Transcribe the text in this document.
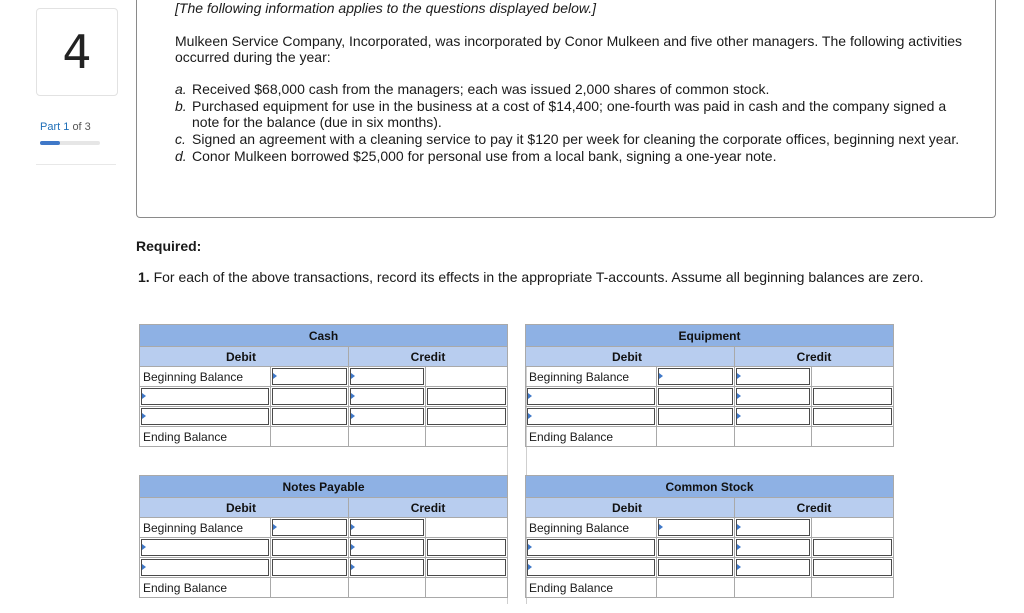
4
Part 1 of 3

[The following information applies to the questions displayed below.]

Mulkeen Service Company, Incorporated, was incorporated by Conor Mulkeen and five other managers. The following activities occurred during the year:

a. Received $68,000 cash from the managers; each was issued 2,000 shares of common stock.
b. Purchased equipment for use in the business at a cost of $14,400; one-fourth was paid in cash and the company signed a note for the balance (due in six months).
c. Signed an agreement with a cleaning service to pay it $120 per week for cleaning the corporate offices, beginning next year.
d. Conor Mulkeen borrowed $25,000 for personal use from a local bank, signing a one-year note.

Required:

1. For each of the above transactions, record its effects in the appropriate T-accounts. Assume all beginning balances are zero.

Cash			
Debit		Credit	
Beginning Balance	

Ending Balance			
Equipment			
Debit		Credit	
Beginning Balance	

Ending Balance			
Notes Payable			
Debit		Credit	
Beginning Balance	

Ending Balance			
Common Stock			
Debit		Credit	
Beginning Balance	

Ending Balance			
